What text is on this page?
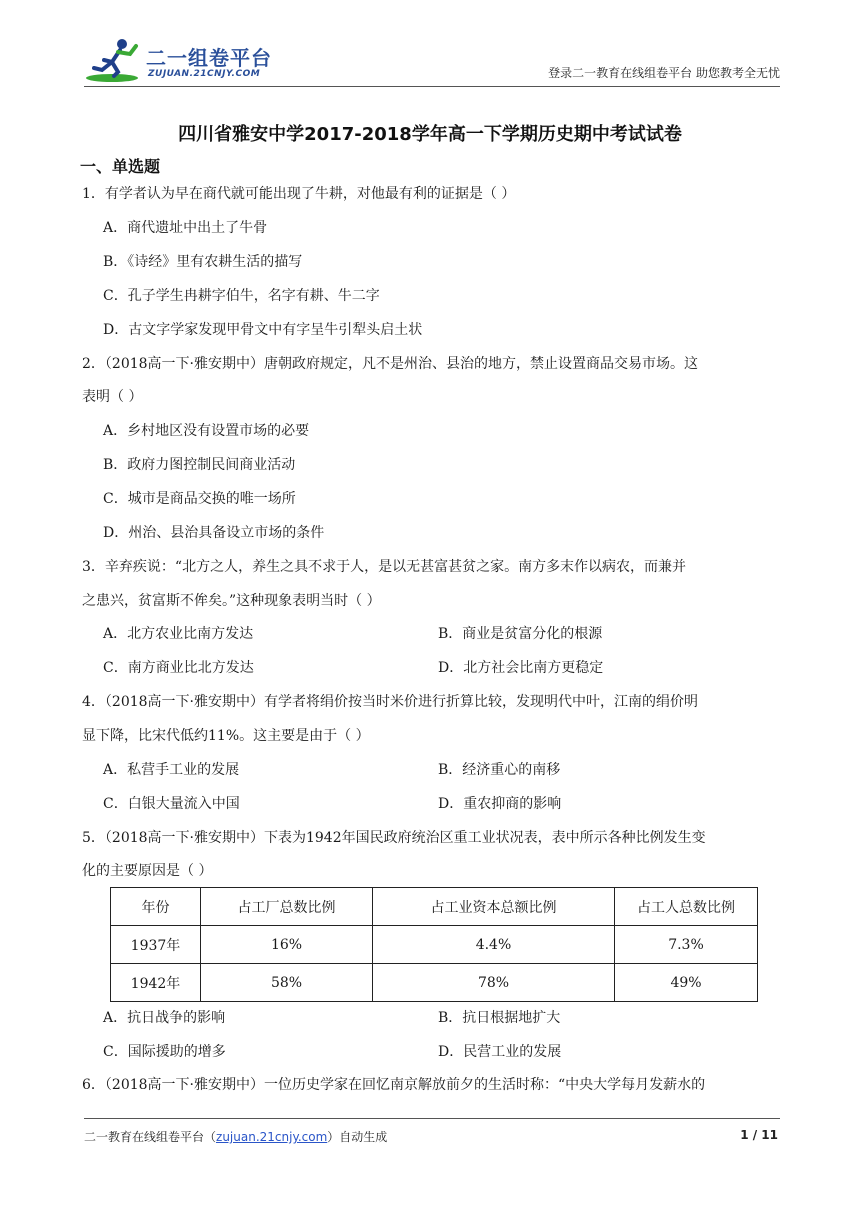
二一组卷平台
ZUJUAN.21CNJY.COM	登录二一教育在线组卷平台 助您教考全无忧
四川省雅安中学2017-2018学年高一下学期历史期中考试试卷
一、单选题
1．有学者认为早在商代就可能出现了牛耕，对他最有利的证据是（ ）
A．商代遗址中出土了牛骨
B．《诗经》里有农耕生活的描写
C．孔子学生冉耕字伯牛，名字有耕、牛二字
D．古文字学家发现甲骨文中有字呈牛引犁头启土状
2．（2018高一下·雅安期中）唐朝政府规定，凡不是州治、县治的地方，禁止设置商品交易市场。这
表明（ ）
A．乡村地区没有设置市场的必要
B．政府力图控制民间商业活动
C．城市是商品交换的唯一场所
D．州治、县治具备设立市场的条件
3．辛弃疾说：“北方之人，养生之具不求于人，是以无甚富甚贫之家。南方多末作以病农，而兼并
之患兴，贫富斯不侔矣。”这种现象表明当时（ ）
A．北方农业比南方发达	B．商业是贫富分化的根源
C．南方商业比北方发达	D．北方社会比南方更稳定
4．（2018高一下·雅安期中）有学者将绢价按当时米价进行折算比较，发现明代中叶，江南的绢价明
显下降，比宋代低约11%。这主要是由于（ ）
A．私营手工业的发展	B．经济重心的南移
C．白银大量流入中国	D．重农抑商的影响
5．（2018高一下·雅安期中）下表为1942年国民政府统治区重工业状况表，表中所示各种比例发生变
化的主要原因是（ ）
年份	占工厂总数比例	占工业资本总额比例	占工人总数比例
1937年	16%	4.4%	7.3%
1942年	58%	78%	49%
A．抗日战争的影响	B．抗日根据地扩大
C．国际援助的增多	D．民营工业的发展
6．（2018高一下·雅安期中）一位历史学家在回忆南京解放前夕的生活时称：“中央大学每月发薪水的
二一教育在线组卷平台（zujuan.21cnjy.com）自动生成	1 / 11
